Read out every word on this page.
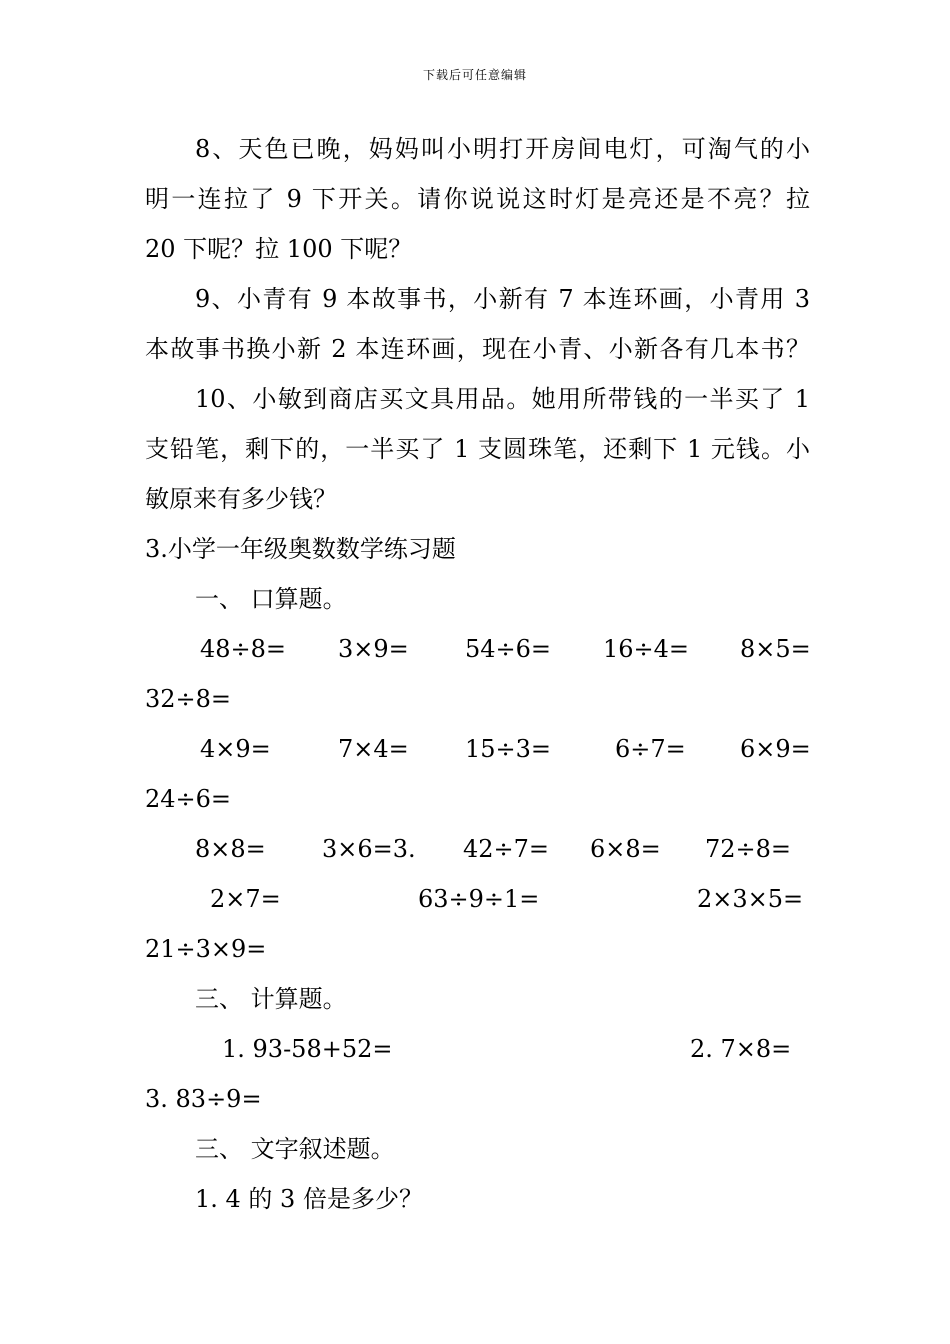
下载后可任意编辑
8、天色已晚，妈妈叫小明打开房间电灯，可淘气的小
明一连拉了 9 下开关。请你说说这时灯是亮还是不亮？拉
20 下呢？拉 100 下呢？
9、小青有 9 本故事书，小新有 7 本连环画，小青用 3
本故事书换小新 2 本连环画，现在小青、小新各有几本书？
10、小敏到商店买文具用品。她用所带钱的一半买了 1
支铅笔，剩下的，一半买了 1 支圆珠笔，还剩下 1 元钱。小
敏原来有多少钱？
3.小学一年级奥数数学练习题
一、 口算题。
48÷8= 3×9= 54÷6= 16÷4= 8×5=
32÷8=
4×9=	7×4= 15÷3=	6÷7= 6×9=
24÷6=
8×8= 3×6=3. 42÷7= 6×8= 72÷8=
2×7=	63÷9÷1=	2×3×5=
21÷3×9=
三、 计算题。
1. 93-58+52=	2. 7×8=
3. 83÷9=
三、 文字叙述题。
1. 4 的 3 倍是多少？
